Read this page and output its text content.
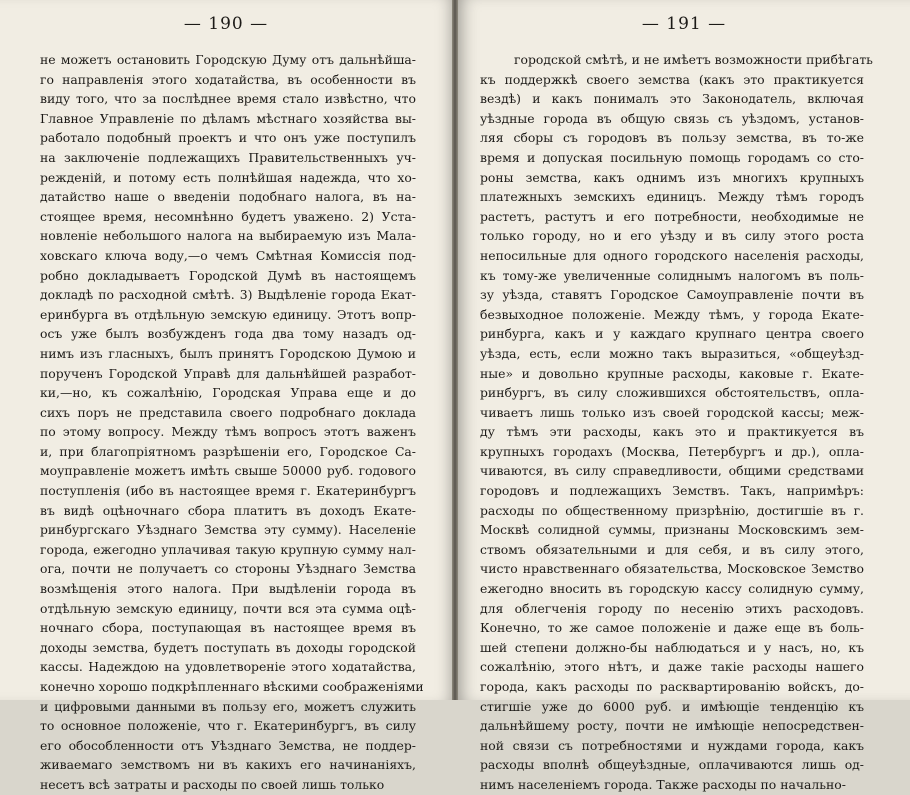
— 190 —
не можетъ остановить Городскую Думу отъ дальнѣйша-
го направленія этого ходатайства, въ особенности въ
виду того, что за послѣднее время стало извѣстно, что
Главное Управленіе по дѣламъ мѣстнаго хозяйства вы-
работало подобный проектъ и что онъ уже поступилъ
на заключеніе подлежащихъ Правительственныхъ уч-
режденій, и потому есть полнѣйшая надежда, что хо-
датайство наше о введеніи подобнаго налога, въ на-
стоящее время, несомнѣнно будетъ уважено. 2) Уста-
новленіе небольшого налога на выбираемую изъ Мала-
ховскаго ключа воду,—о чемъ Смѣтная Комиссія под-
робно докладываетъ Городской Думѣ въ настоящемъ
докладѣ по расходной смѣтѣ. 3) Выдѣленіе города Екат-
еринбурга въ отдѣльную земскую единицу. Этотъ вопр-
осъ уже былъ возбужденъ года два тому назадъ од-
нимъ изъ гласныхъ, былъ принятъ Городскою Думою и
порученъ Городской Управѣ для дальнѣйшей разработ-
ки,—но, къ сожалѣнію, Городская Управа еще и до
сихъ поръ не представила своего подробнаго доклада
по этому вопросу. Между тѣмъ вопросъ этотъ важенъ
и, при благопріятномъ разрѣшеніи его, Городское Са-
моуправленіе можетъ имѣть свыше 50000 руб. годового
поступленія (ибо въ настоящее время г. Екатеринбургъ
въ видѣ оцѣночнаго сбора платитъ въ доходъ Екате-
ринбургскаго Уѣзднаго Земства эту сумму). Населеніе
города, ежегодно уплачивая такую крупную сумму нал-
ога, почти не получаетъ со стороны Уѣзднаго Земства
возмѣщенія этого налога. При выдѣленіи города въ
отдѣльную земскую единицу, почти вся эта сумма оцѣ-
ночнаго сбора, поступающая въ настоящее время въ
доходы земства, будетъ поступать въ доходы городской
кассы. Надеждою на удовлетвореніе этого ходатайства,
конечно хорошо подкрѣпленнаго вѣскими соображеніями
и цифровыми данными въ пользу его, можетъ служить
то основное положеніе, что г. Екатеринбургъ, въ силу
его обособленности отъ Уѣзднаго Земства, не поддер-
живаемаго земствомъ ни въ какихъ его начинаніяхъ,
несетъ всѣ затраты и расходы по своей лишь только
— 191 —
городской смѣтѣ, и не имѣетъ возможности прибѣгать
къ поддержкѣ своего земства (какъ это практикуется
вездѣ) и какъ понималъ это Законодатель, включая
уѣздные города въ общую связь съ уѣздомъ, установ-
ляя сборы съ городовъ въ пользу земства, въ то-же
время и допуская посильную помощь городамъ со сто-
роны земства, какъ однимъ изъ многихъ крупныхъ
платежныхъ земскихъ единицъ. Между тѣмъ городъ
растетъ, растутъ и его потребности, необходимые не
только городу, но и его уѣзду и въ силу этого роста
непосильные для одного городского населенія расходы,
къ тому-же увеличенные солиднымъ налогомъ въ поль-
зу уѣзда, ставятъ Городское Самоуправленіе почти въ
безвыходное положеніе. Между тѣмъ, у города Екате-
ринбурга, какъ и у каждаго крупнаго центра своего
уѣзда, есть, если можно такъ выразиться, «общеуѣзд-
ные» и довольно крупные расходы, каковые г. Екате-
ринбургъ, въ силу сложившихся обстоятельствъ, опла-
чиваетъ лишь только изъ своей городской кассы; меж-
ду тѣмъ эти расходы, какъ это и практикуется въ
крупныхъ городахъ (Москва, Петербургъ и др.), опла-
чиваются, въ силу справедливости, общими средствами
городовъ и подлежащихъ Земствъ. Такъ, напримѣръ:
расходы по общественному призрѣнію, достигшіе въ г.
Москвѣ солидной суммы, признаны Московскимъ зем-
ствомъ обязательными и для себя, и въ силу этого,
чисто нравственнаго обязательства, Московское Земство
ежегодно вносить въ городскую кассу солидную сумму,
для облегченія городу по несенію этихъ расходовъ.
Конечно, то же самое положеніе и даже еще въ боль-
шей степени должно-бы наблюдаться и у насъ, но, къ
сожалѣнію, этого нѣтъ, и даже такіе расходы нашего
города, какъ расходы по расквартированію войскъ, до-
стигшіе уже до 6000 руб. и имѣющіе тенденцію къ
дальнѣйшему росту, почти не имѣющіе непосредствен-
ной связи съ потребностями и нуждами города, какъ
расходы вполнѣ общеуѣздные, оплачиваются лишь од-
нимъ населеніемъ города. Также расходы по начально-
